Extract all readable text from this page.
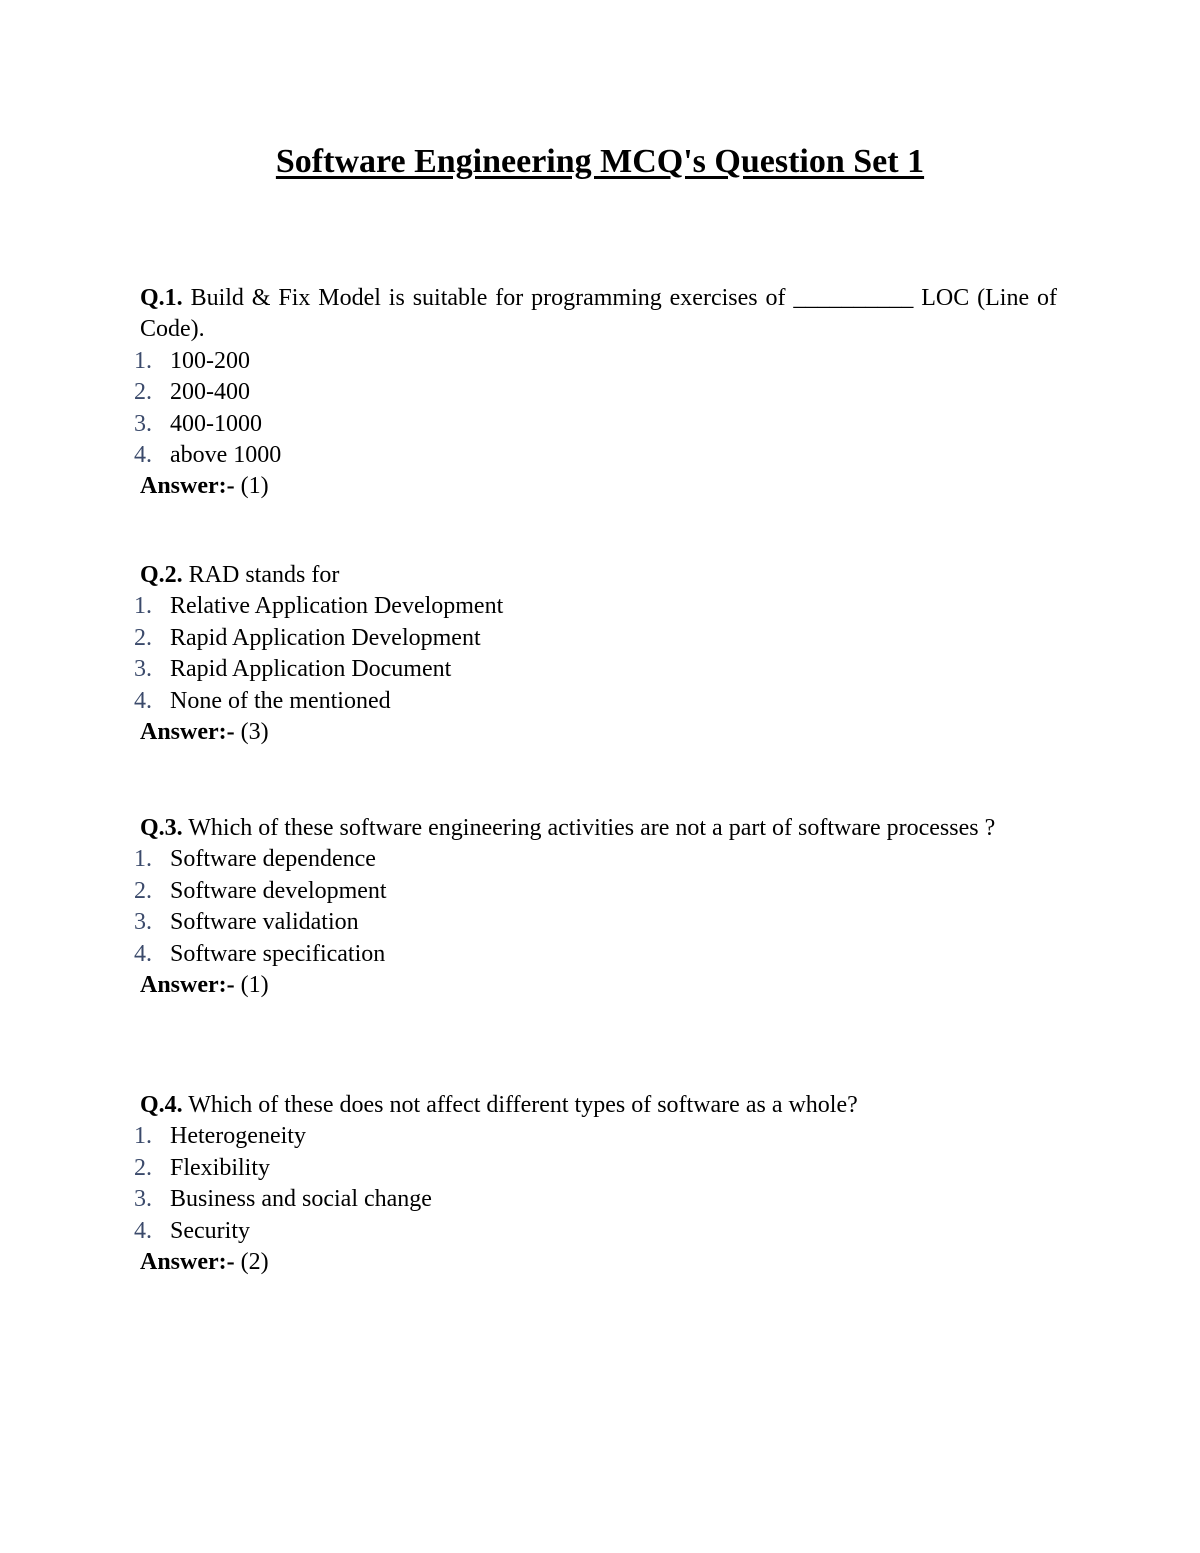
Software Engineering MCQ's Question Set 1
Q.1. Build & Fix Model is suitable for programming exercises of __________ LOC (Line of Code).
1. 100-200
2. 200-400
3. 400-1000
4. above 1000
Answer:- (1)
Q.2. RAD stands for
1. Relative Application Development
2. Rapid Application Development
3. Rapid Application Document
4. None of the mentioned
Answer:- (3)
Q.3. Which of these software engineering activities are not a part of software processes ?
1. Software dependence
2. Software development
3. Software validation
4. Software specification
Answer:- (1)
Q.4. Which of these does not affect different types of software as a whole?
1. Heterogeneity
2. Flexibility
3. Business and social change
4. Security
Answer:- (2)
